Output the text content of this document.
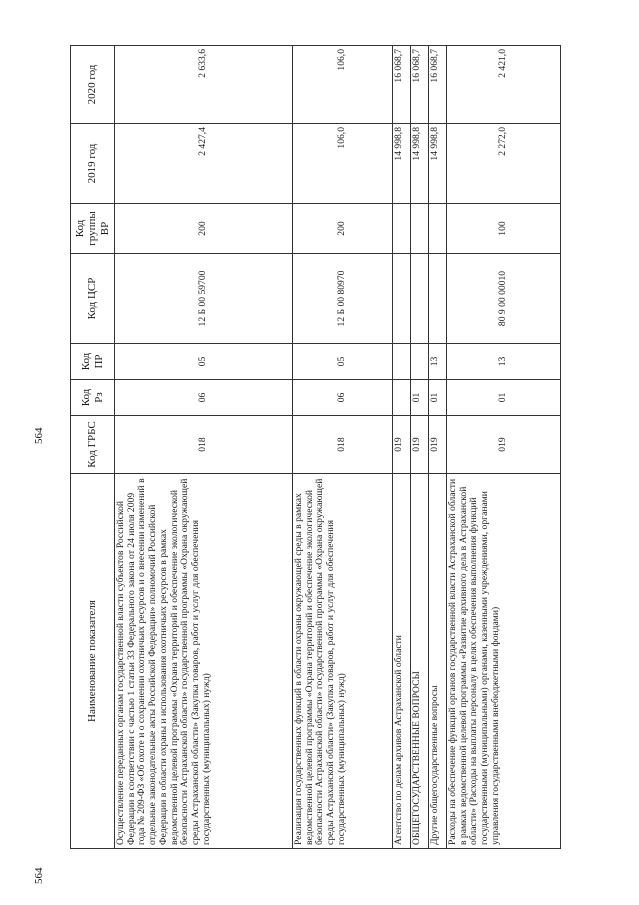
564
Наименование показателя	Код ГРБС	Код Рз	Код ПР	Код ЦСР	Код группы ВР	2019 год	2020 год
Осуществление переданных органам государственной власти субъектов Российской Федерации в соответствии с частью 1 статьи 33 Федерального закона от 24 июля 2009 года № 209-ФЗ «Об охоте и о сохранении охотничьих ресурсов и о внесении изменений в отдельные законодательные акты Российской Федерации» полномочий Российской Федерации в области охраны и использования охотничьих ресурсов в рамках ведомственной целевой программы «Охрана территорий и обеспечение экологической безопасности Астраханской области» государственной программы «Охрана окружающей среды Астраханской области» (Закупка товаров, работ и услуг для обеспечения государственных (муниципальных) нужд)	018	06	05	12 Б 00 59700	200	2 427,4	2 633,6
Реализация государственных функций в области охраны окружающей среды в рамках ведомственной целевой программы «Охрана территорий и обеспечение экологической безопасности Астраханской области» государственной программы «Охрана окружающей среды Астраханской области» (Закупка товаров, работ и услуг для обеспечения государственных (муниципальных) нужд)	018	06	05	12 Б 00 80970	200	106,0	106,0
Агентство по делам архивов Астраханской области	019					14 998,8	16 068,7
ОБЩЕГОСУДАРСТВЕННЫЕ ВОПРОСЫ	019	01				14 998,8	16 068,7
Другие общегосударственные вопросы	019	01	13			14 998,8	16 068,7
Расходы на обеспечение функций органов государственной власти Астраханской области в рамках ведомственной целевой программы «Развитие архивного дела в Астраханской области» (Расходы на выплаты персоналу в целях обеспечения выполнения функций государственными (муниципальными) органами, казенными учреждениями, органами управления государственными внебюджетными фондами)	019	01	13	80 9 00 00010	100	2 272,0	2 421,0
564
